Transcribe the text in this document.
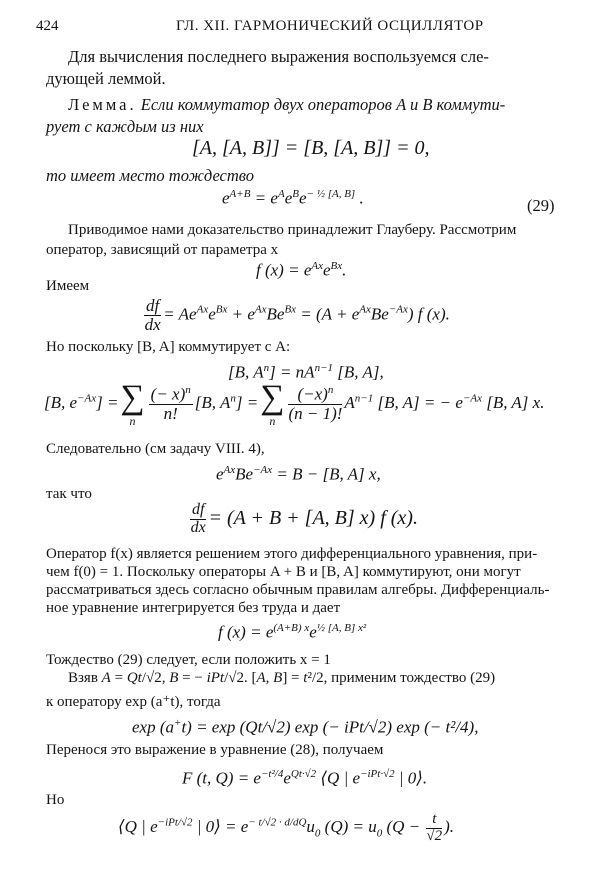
424	ГЛ. XII. ГАРМОНИЧЕСКИЙ ОСЦИЛЛЯТОР
Для вычисления последнего выражения воспользуемся сле-
дующей леммой.
Лемма. Если коммутатор двух операторов A и B коммути-
рует с каждым из них
[A, [A, B]] = [B, [A, B]] = 0,
то имеет место тождество
$e^{A+B} = e^Ae^Be^{- \frac{1}{2} [A, B]}$ .	(29)
Приводимое нами доказательство принадлежит Глауберу. Рассмотрим
оператор, зависящий от параметра x
f $(x) = e^{Ax}e^{Bx}$.
Имеем
$\frac{df}{dx} = Ae^{Ax}e^{Bx} + e^{Ax}Be^{Bx} = (A + e^{Ax}Be^{-Ax})$ f (x).
Но поскольку [B, A] коммутирует с A:
[B, $A^n] = nA^{n-1}$ [B, A],
[B, $e^{-Ax}$] = ∑
n $\frac{(- x)^n}{n!} [B$, $A^n$] = ∑
n $\frac{(-x)^n}{(n - 1)!} A^{n-1}$ [B, A] = − $e^{-Ax}$ [B, A] x.
Следовательно (см задачу VIII. 4),
$e^{Ax}Be^{-Ax} = B - [B$, A] x,
так что
$\frac{df}{dx} = (A + B + [A$, B] x) f (x).
Оператор f(x) является решением этого дифференциального уравнения, при-
чем f(0) = 1. Поскольку операторы A + B и [B, A] коммутируют, они могут
рассматриваться здесь согласно обычным правилам алгебры. Дифференциаль-
ное уравнение интегрируется без труда и дает
f $(x) = e^{(A+B) x}e^{\frac{1}{2} [A, B] x^2}$
Тождество (29) следует, если положить x = 1
Взяв A = Qt/√2, B = − iPt/√2. [A, B] = t²/2, применим тождество (29)
к оператору exp (a⁺t), тогда
exp (a+t) = exp (Qt/√2) exp (− iPt/√2) exp (− t²/4),
Перенося это выражение в уравнение (28), получаем
F (t, $Q) = e^{-t^2/4}e^{Qt\cdot√2}$ ⟨Q | $e^{-iPt\cdot√2}$ | 0⟩.
Но
⟨Q | $e^{-iPt/√2}$ | 0⟩ = $e^{- t/√2 \cdot d/dQ}u_0$ $(Q) = u_0$ ($Q - \frac{t}{√2}$ ).
